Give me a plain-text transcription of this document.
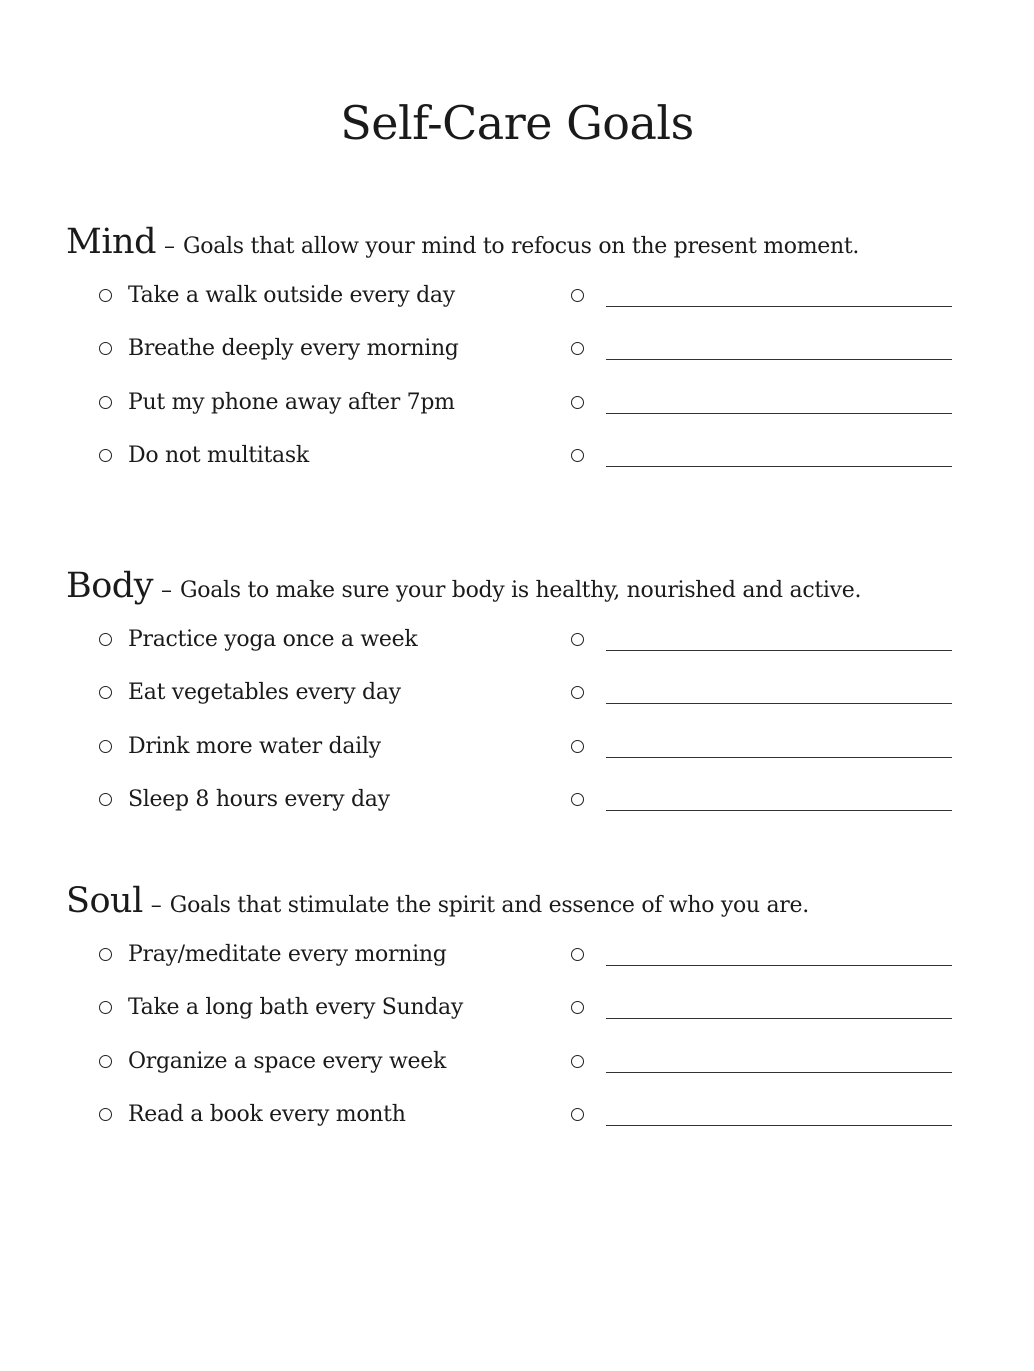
Self-Care Goals
Mind – Goals that allow your mind to refocus on the present moment.
Take a walk outside every day
Breathe deeply every morning
Put my phone away after 7pm
Do not multitask
Body – Goals to make sure your body is healthy, nourished and active.
Practice yoga once a week
Eat vegetables every day
Drink more water daily
Sleep 8 hours every day
Soul – Goals that stimulate the spirit and essence of who you are.
Pray/meditate every morning
Take a long bath every Sunday
Organize a space every week
Read a book every month
